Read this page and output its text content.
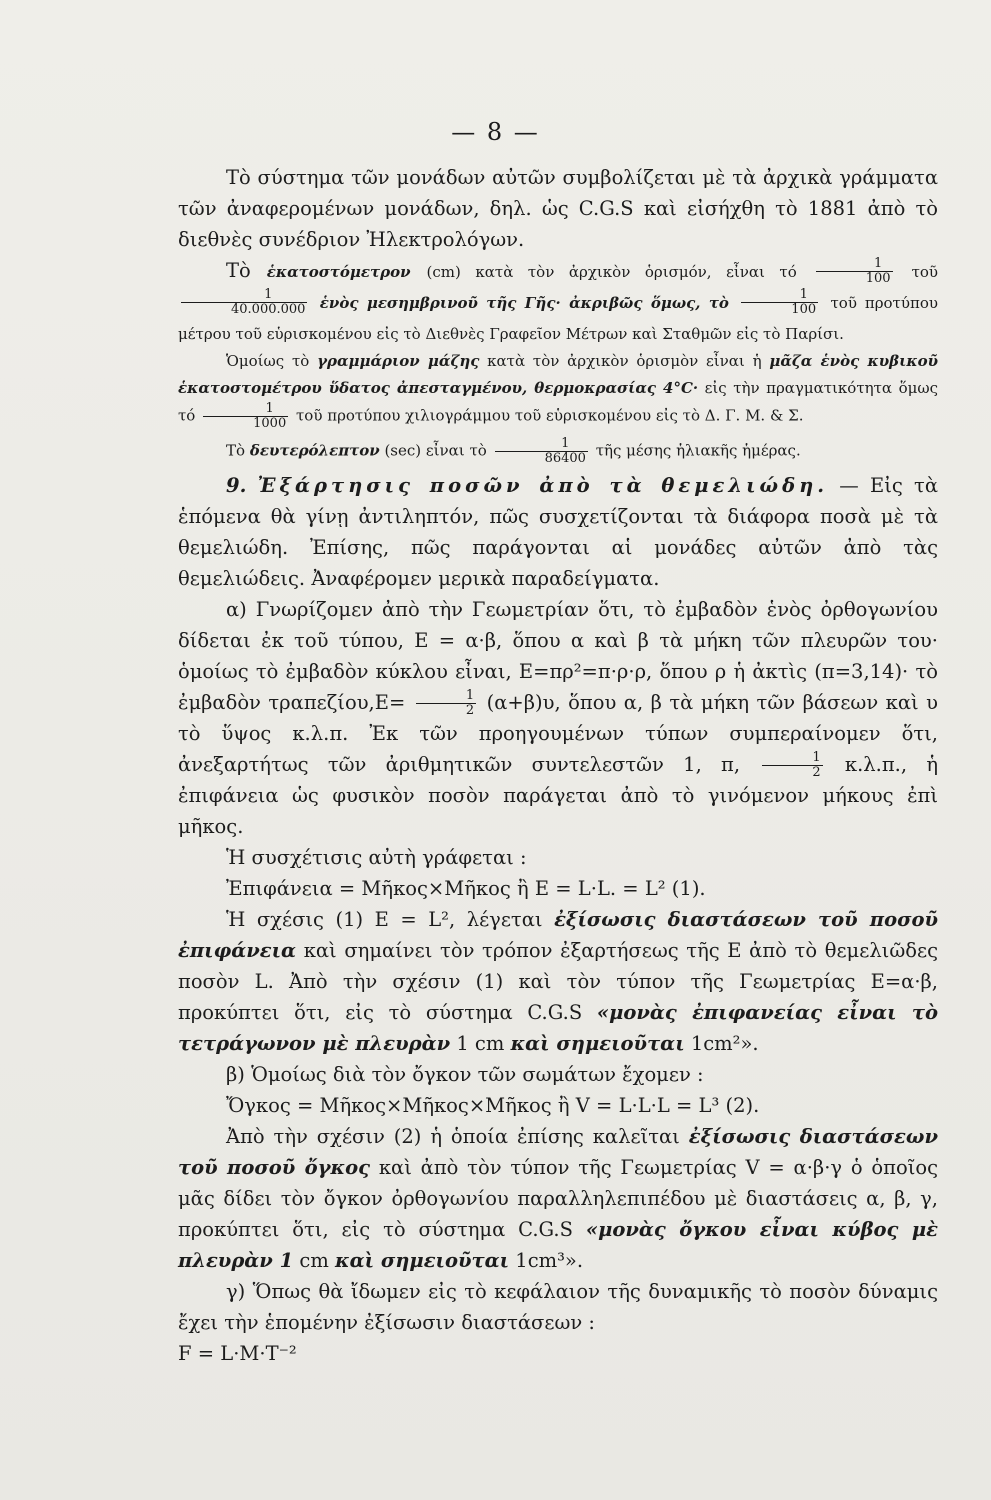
— 8 —

Τὸ σύστημα τῶν μονάδων αὐτῶν συμβολίζεται μὲ τὰ ἀρχικὰ γράμματα τῶν ἀναφερομένων μονάδων, δηλ. ὡς C.G.S καὶ εἰσήχθη τὸ 1881 ἀπὸ τὸ διεθνὲς συνέδριον Ἠλεκτρολόγων.

Τὸ ἑκατοστόμετρον (cm) κατὰ τὸν ἀρχικὸν ὁρισμόν, εἶναι τό $\frac{1}{100}$ τοῦ
$\frac{1}{40.000.000}$ ἑνὸς μεσημβρινοῦ τῆς Γῆς· ἀκριβῶς ὅμως, τὸ $\frac{1}{100}$ τοῦ προτύπου μέτρου τοῦ εὑρισκομένου εἰς τὸ Διεθνὲς Γραφεῖον Μέτρων καὶ Σταθμῶν εἰς τὸ Παρίσι.

Ὁμοίως τὸ γραμμάριον μάζης κατὰ τὸν ἀρχικὸν ὁρισμὸν εἶναι ἡ μᾶζα ἑνὸς κυβικοῦ ἑκατοστομέτρου ὕδατος ἀπεσταγμένου, θερμοκρασίας 4°C· εἰς τὴν πραγματικότητα ὅμως τό $\frac{1}{1000}$ τοῦ προτύπου χιλιογράμμου τοῦ εὑρισκομένου εἰς τὸ Δ. Γ. Μ. & Σ.

Τὸ δευτερόλεπτον (sec) εἶναι τὸ $\frac{1}{86400}$ τῆς μέσης ἡλιακῆς ἡμέρας.

9. Ἐξάρτησις ποσῶν ἀπὸ τὰ θεμελιώδη. — Εἰς τὰ ἑπόμενα θὰ γίνῃ ἀντιληπτόν, πῶς συσχετίζονται τὰ διάφορα ποσὰ μὲ τὰ θεμελιώδη. Ἐπίσης, πῶς παράγονται αἱ μονάδες αὐτῶν ἀπὸ τὰς θεμελιώδεις. Ἀναφέρομεν μερικὰ παραδείγματα.

α) Γνωρίζομεν ἀπὸ τὴν Γεωμετρίαν ὅτι, τὸ ἐμβαδὸν ἑνὸς ὀρθογωνίου δίδεται ἐκ τοῦ τύπου, Ε = α·β, ὅπου α καὶ β τὰ μήκη τῶν πλευρῶν του· ὁμοίως τὸ ἐμβαδὸν κύκλου εἶναι, Ε=πρ²=π·ρ·ρ, ὅπου ρ ἡ ἀκτὶς (π=3,14)· τὸ ἐμβαδὸν $\tau\rho\alpha\pi\varepsilon\zeta ίo\upsilon,E= \frac{1}{2} (\alpha+\beta)\upsilon$, ὅπου α, β τὰ μήκη τῶν βάσεων καὶ υ τὸ ὕψος κ.λ.π. Ἐκ τῶν προηγουμένων τύπων συμπεραίνομεν ὅτι, ἀνεξαρτήτως τῶν ἀριθμητικῶν συντελεστῶν 1, π, $\frac{1}{2} \kappa.\lambda.\pi$., ἡ ἐπιφάνεια ὡς φυσικὸν ποσὸν παράγεται ἀπὸ τὸ γινόμενον μήκους ἐπὶ μῆκος.

Ἡ συσχέτισις αὐτὴ γράφεται :

Ἐπιφάνεια = Μῆκος×Μῆκος ἢ Ε = L·L. = L² (1).

Ἡ σχέσις (1) Ε = L², λέγεται ἐξίσωσις διαστάσεων τοῦ ποσοῦ ἐπιφάνεια καὶ σημαίνει τὸν τρόπον ἐξαρτήσεως τῆς Ε ἀπὸ τὸ θεμελιῶδες ποσὸν L. Ἀπὸ τὴν σχέσιν (1) καὶ τὸν τύπον τῆς Γεωμετρίας Ε=α·β, προκύπτει ὅτι, εἰς τὸ σύστημα C.G.S «μονὰς ἐπιφανείας εἶναι τὸ τετράγωνον μὲ πλευρὰν 1 cm καὶ σημειοῦται 1cm²».

β) Ὁμοίως διὰ τὸν ὄγκον τῶν σωμάτων ἔχομεν :

Ὄγκος = Μῆκος×Μῆκος×Μῆκος ἢ V = L·L·L = L³ (2).

Ἀπὸ τὴν σχέσιν (2) ἡ ὁποία ἐπίσης καλεῖται ἐξίσωσις διαστάσεων τοῦ ποσοῦ ὄγκος καὶ ἀπὸ τὸν τύπον τῆς Γεωμετρίας V = α·β·γ ὁ ὁποῖος μᾶς δίδει τὸν ὄγκον ὀρθογωνίου παραλληλεπιπέδου μὲ διαστάσεις α, β, γ, προκύπτει ὅτι, εἰς τὸ σύστημα C.G.S «μονὰς ὄγκου εἶναι κύβος μὲ πλευρὰν 1 cm καὶ σημειοῦται 1cm³».

γ) Ὅπως θὰ ἴδωμεν εἰς τὸ κεφάλαιον τῆς δυναμικῆς τὸ ποσὸν δύναμις ἔχει τὴν ἑπομένην ἐξίσωσιν διαστάσεων :

F = L·M·T⁻²
